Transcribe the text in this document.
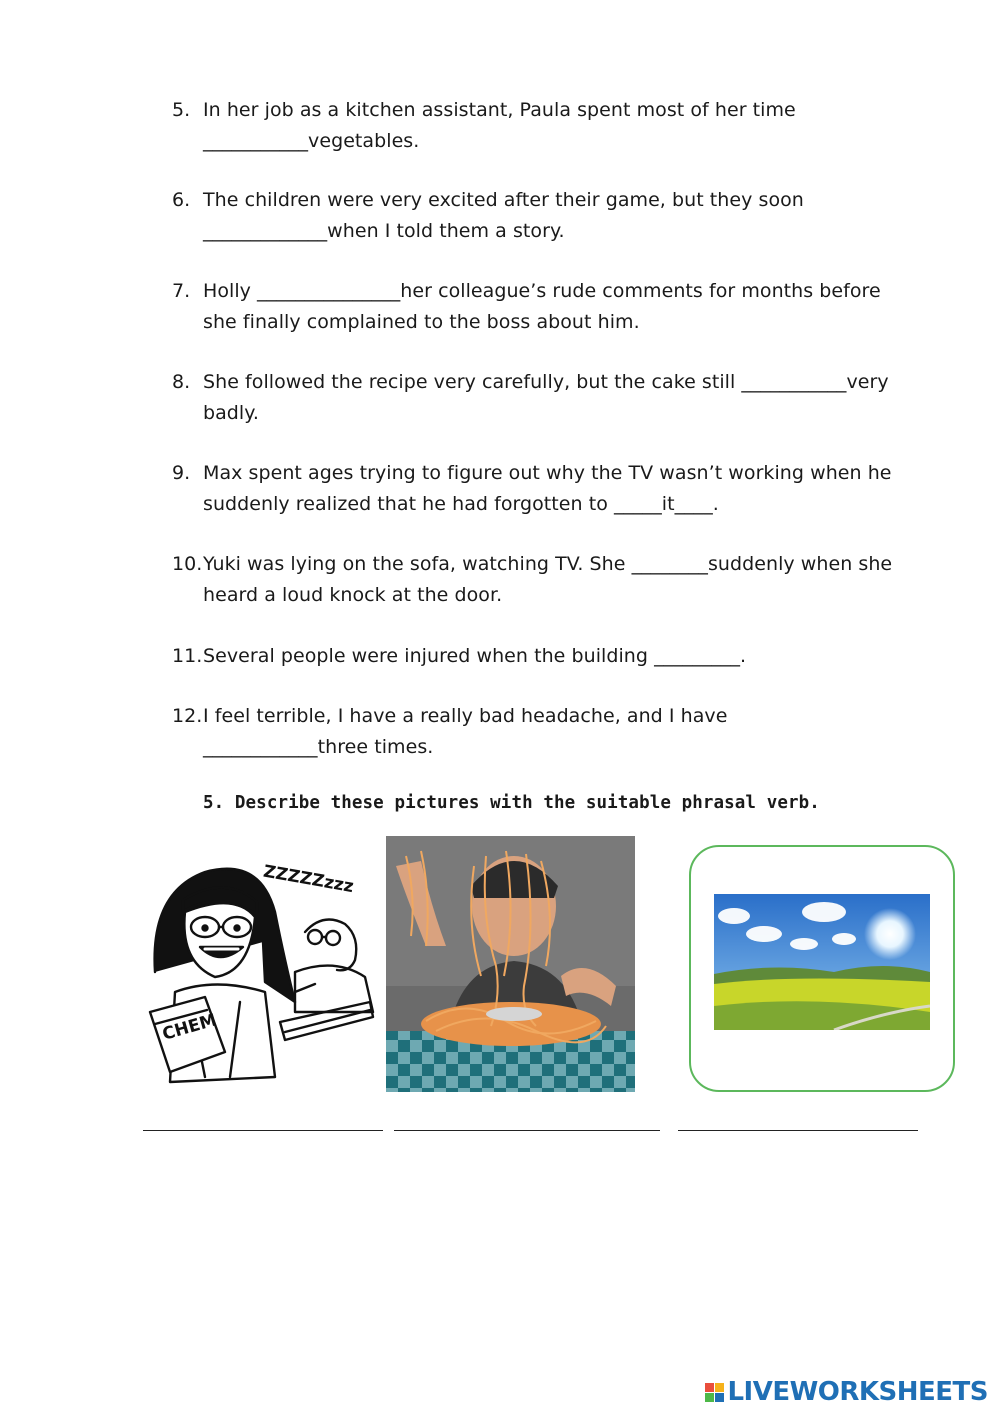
5. In her job as a kitchen assistant, Paula spent most of her time
___________vegetables.
6. The children were very excited after their game, but they soon
_____________when I told them a story.
7. Holly _______________her colleague’s rude comments for months before
she finally complained to the boss about him.
8. She followed the recipe very carefully, but the cake still ___________very
badly.
9. Max spent ages trying to figure out why the TV wasn’t working when he
suddenly realized that he had forgotten to _____it____.
10. Yuki was lying on the sofa, watching TV. She ________suddenly when she
heard a loud knock at the door.
11. Several people were injured when the building _________.
12. I feel terrible, I have a really bad headache, and I have
____________three times.
5. Describe these pictures with the suitable phrasal verb.
CHEM
ZZZZZzzz
LIVEWORKSHEETS
